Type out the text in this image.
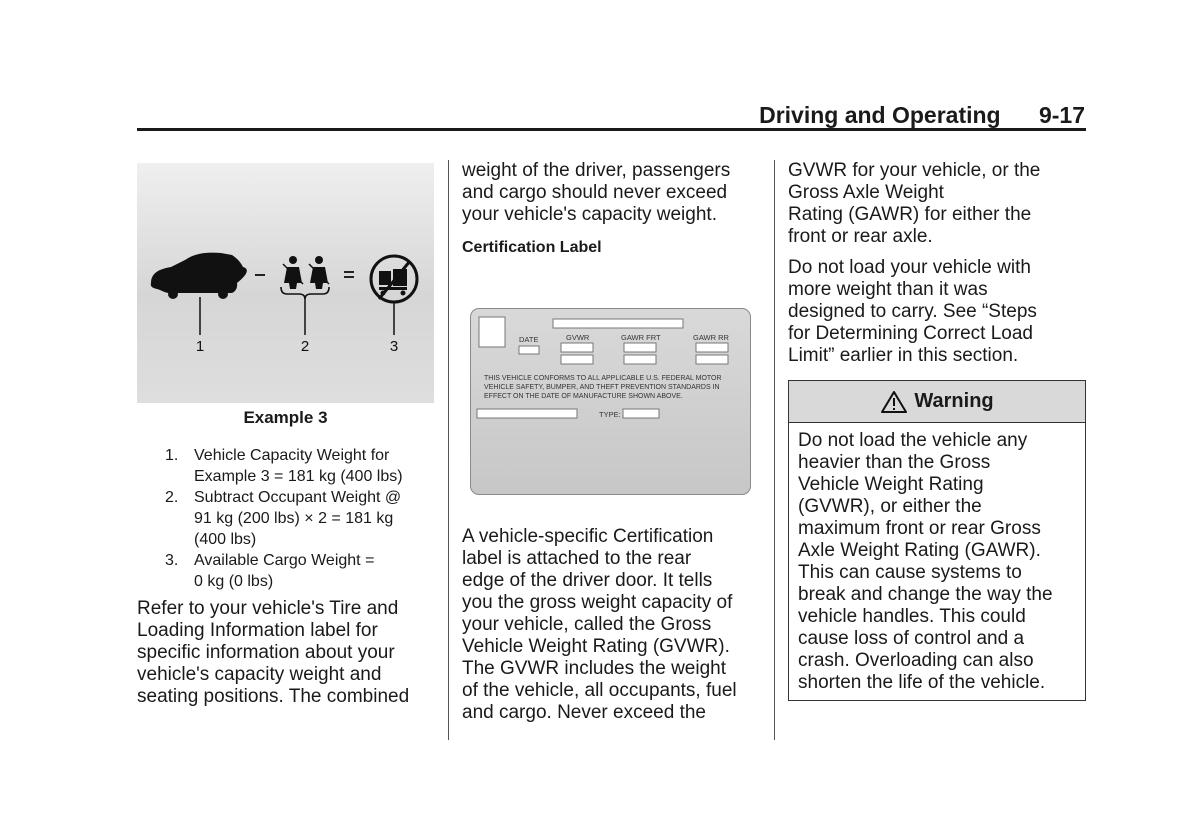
Driving and Operating 9-17
1	2	3
Example 3
1. Vehicle Capacity Weight for
Example 3 = 181 kg (400 lbs)
2. Subtract Occupant Weight @
91 kg (200 lbs) × 2 = 181 kg
(400 lbs)
3. Available Cargo Weight =
0 kg (0 lbs)
Refer to your vehicle's Tire and
Loading Information label for
specific information about your
vehicle's capacity weight and
seating positions. The combined
weight of the driver, passengers
and cargo should never exceed
your vehicle's capacity weight.
Certification Label
DATE	GVWR	GAWR FRT	GAWR RR
THIS VEHICLE CONFORMS TO ALL APPLICABLE U.S. FEDERAL MOTOR
VEHICLE SAFETY, BUMPER, AND THEFT PREVENTION STANDARDS IN
EFFECT ON THE DATE OF MANUFACTURE SHOWN ABOVE.
TYPE:
A vehicle-specific Certification
label is attached to the rear
edge of the driver door. It tells
you the gross weight capacity of
your vehicle, called the Gross
Vehicle Weight Rating (GVWR).
The GVWR includes the weight
of the vehicle, all occupants, fuel
and cargo. Never exceed the
GVWR for your vehicle, or the
Gross Axle Weight
Rating (GAWR) for either the
front or rear axle.
Do not load your vehicle with
more weight than it was
designed to carry. See “Steps
for Determining Correct Load
Limit” earlier in this section.
Warning
Do not load the vehicle any
heavier than the Gross
Vehicle Weight Rating
(GVWR), or either the
maximum front or rear Gross
Axle Weight Rating (GAWR).
This can cause systems to
break and change the way the
vehicle handles. This could
cause loss of control and a
crash. Overloading can also
shorten the life of the vehicle.
